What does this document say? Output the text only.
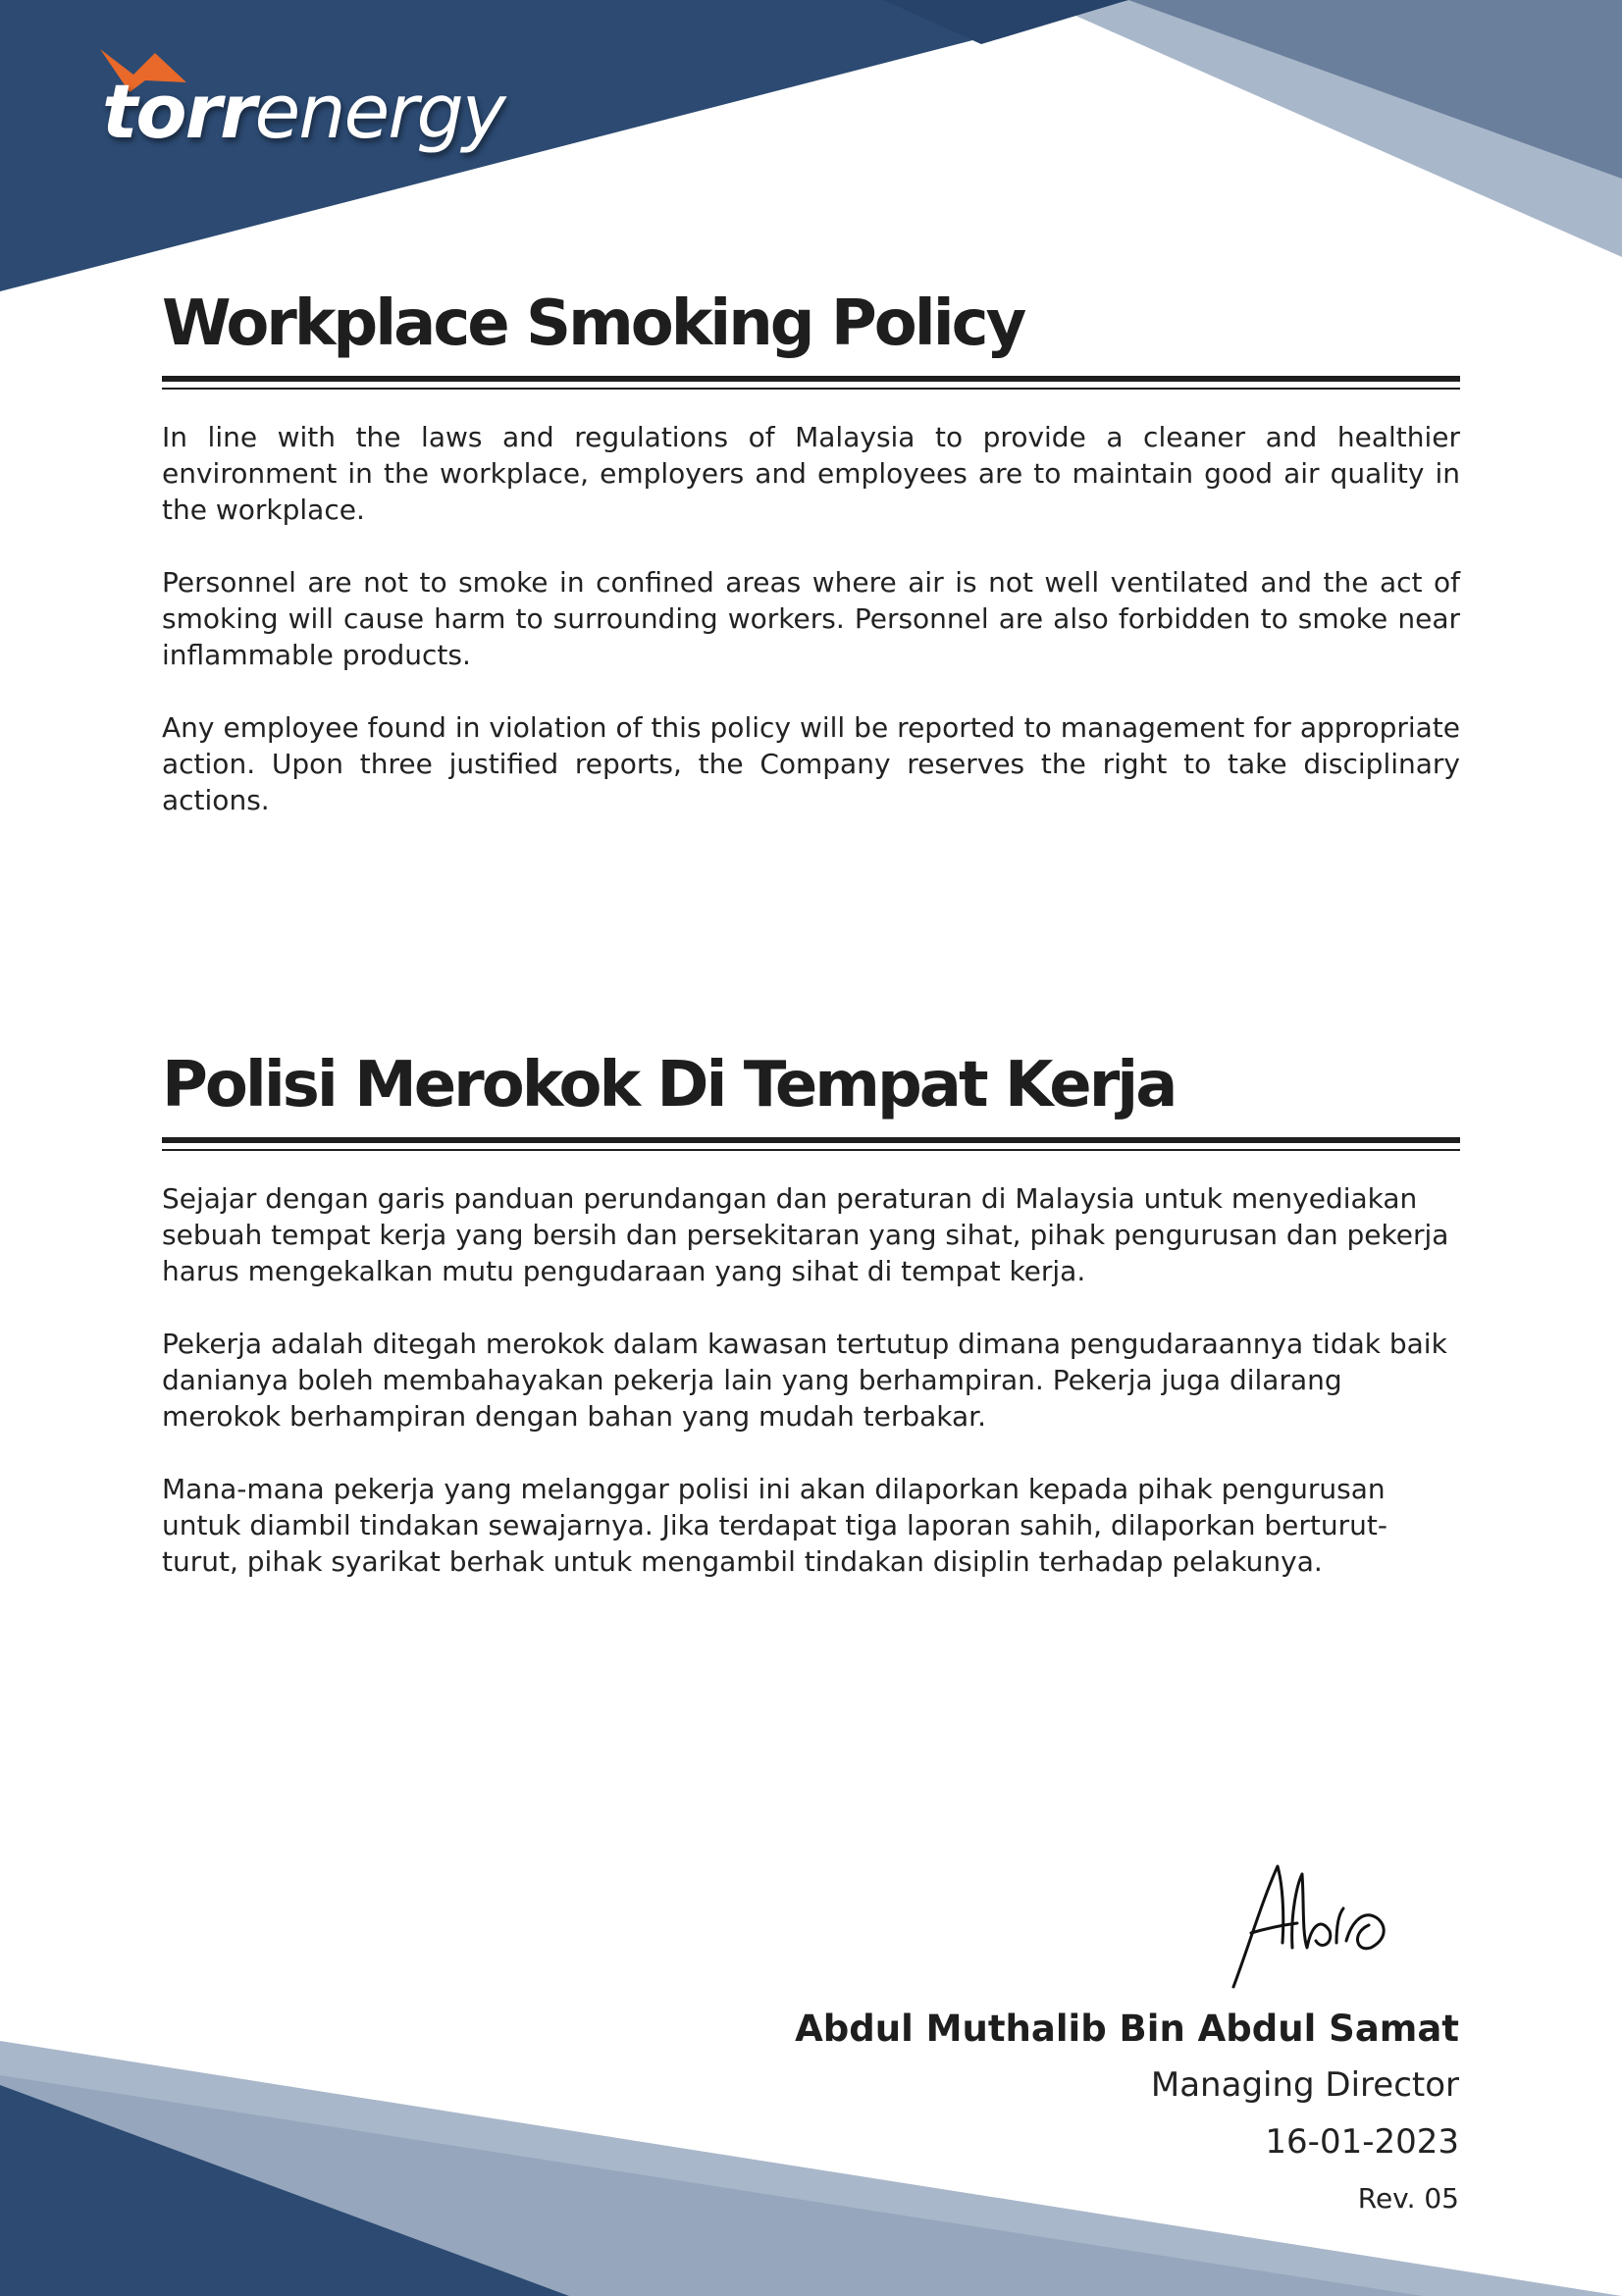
torrenergy
Workplace Smoking Policy

In line with the laws and regulations of Malaysia to provide a cleaner and healthier environment in the workplace, employers and employees are to maintain good air quality in the workplace.

Personnel are not to smoke in confined areas where air is not well ventilated and the act of smoking will cause harm to surrounding workers. Personnel are also forbidden to smoke near inflammable products.

Any employee found in violation of this policy will be reported to management for appropriate action. Upon three justified reports, the Company reserves the right to take disciplinary actions.

Polisi Merokok Di Tempat Kerja

Sejajar dengan garis panduan perundangan dan peraturan di Malaysia untuk menyediakan sebuah tempat kerja yang bersih dan persekitaran yang sihat, pihak pengurusan dan pekerja harus mengekalkan mutu pengudaraan yang sihat di tempat kerja.

Pekerja adalah ditegah merokok dalam kawasan tertutup dimana pengudaraannya tidak baik danianya boleh membahayakan pekerja lain yang berhampiran. Pekerja juga dilarang merokok berhampiran dengan bahan yang mudah terbakar.

Mana-mana pekerja yang melanggar polisi ini akan dilaporkan kepada pihak pengurusan untuk diambil tindakan sewajarnya. Jika terdapat tiga laporan sahih, dilaporkan berturut-turut, pihak syarikat berhak untuk mengambil tindakan disiplin terhadap pelakunya.

Abdul Muthalib Bin Abdul Samat
Managing Director
16-01-2023
Rev. 05
